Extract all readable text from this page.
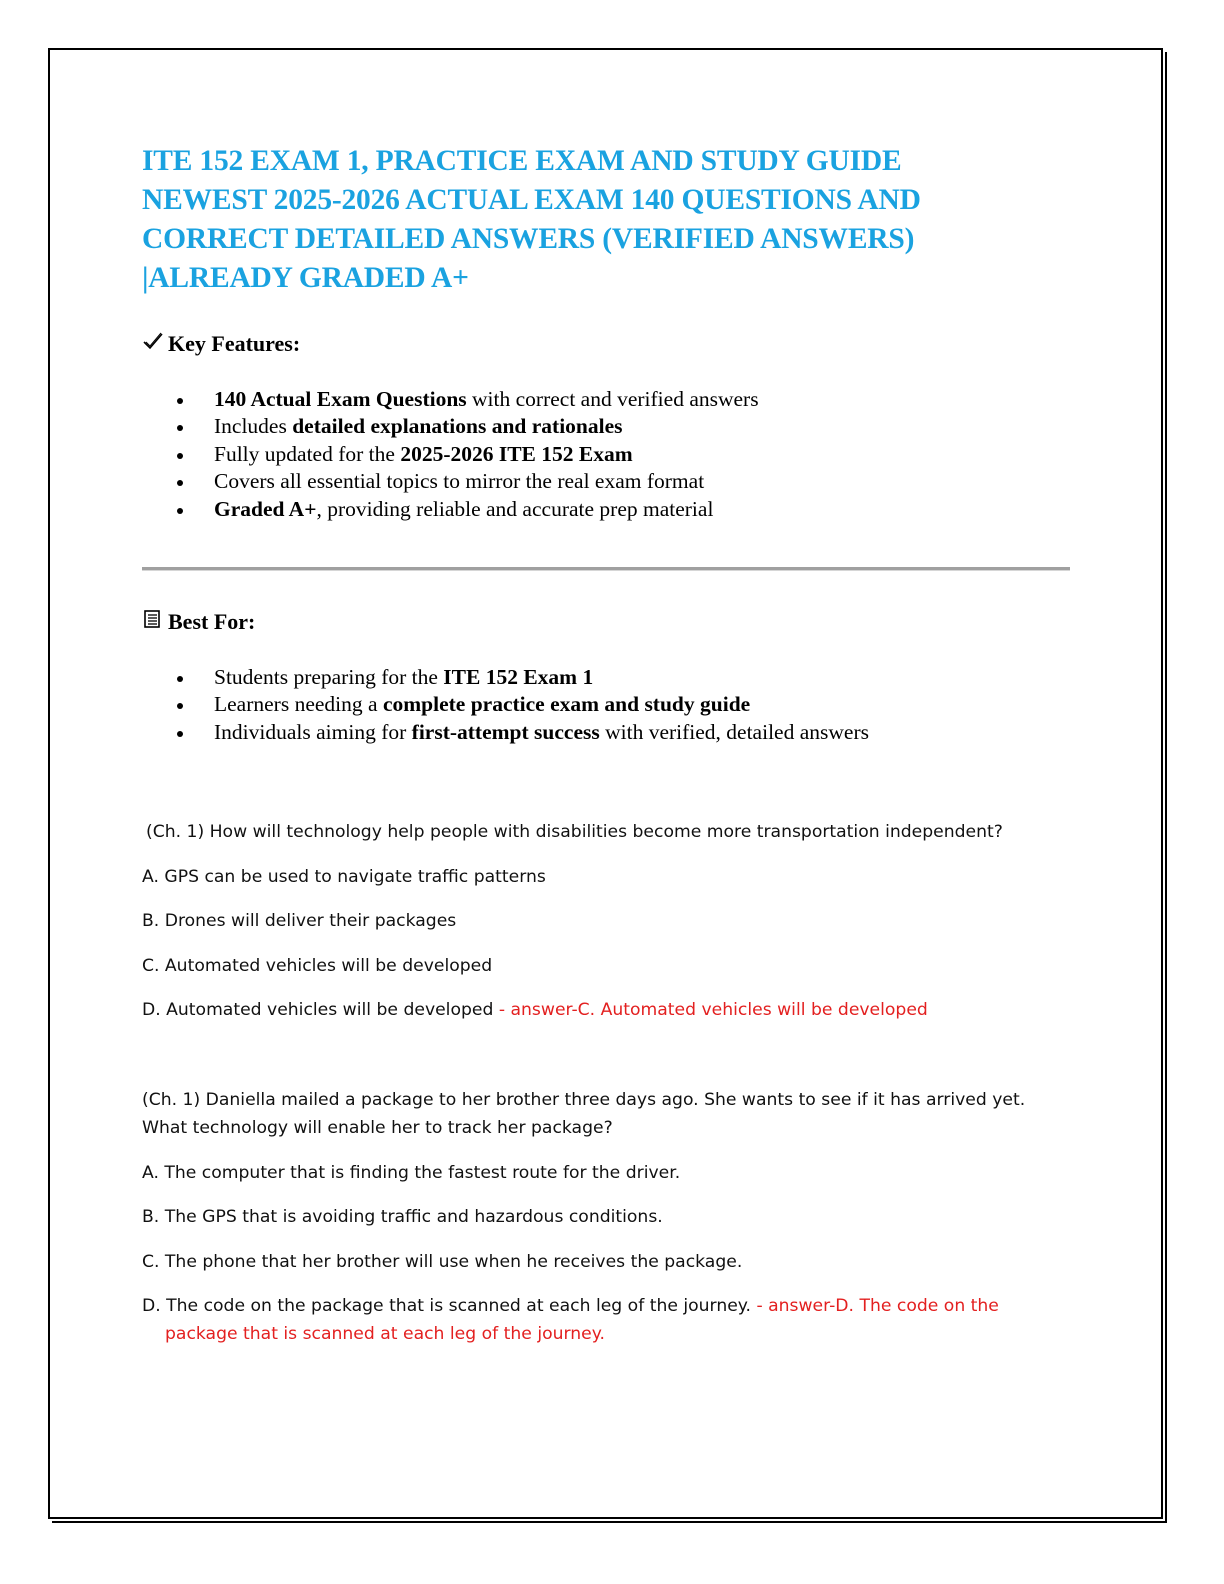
ITE 152 EXAM 1, PRACTICE EXAM AND STUDY GUIDE
NEWEST 2025-2026 ACTUAL EXAM 140 QUESTIONS AND
CORRECT DETAILED ANSWERS (VERIFIED ANSWERS)
|ALREADY GRADED A+
Key Features:
140 Actual Exam Questions with correct and verified answers
Includes detailed explanations and rationales
Fully updated for the 2025-2026 ITE 152 Exam
Covers all essential topics to mirror the real exam format
Graded A+, providing reliable and accurate prep material
Best For:
Students preparing for the ITE 152 Exam 1
Learners needing a complete practice exam and study guide
Individuals aiming for first-attempt success with verified, detailed answers

(Ch. 1) How will technology help people with disabilities become more transportation independent?

A. GPS can be used to navigate traffic patterns

B. Drones will deliver their packages

C. Automated vehicles will be developed

D. Automated vehicles will be developed - answer-C. Automated vehicles will be developed

(Ch. 1) Daniella mailed a package to her brother three days ago. She wants to see if it has arrived yet. What technology will enable her to track her package?

A. The computer that is finding the fastest route for the driver.

B. The GPS that is avoiding traffic and hazardous conditions.

C. The phone that her brother will use when he receives the package.

D. The code on the package that is scanned at each leg of the journey. - answer-D. The code on the package that is scanned at each leg of the journey.
